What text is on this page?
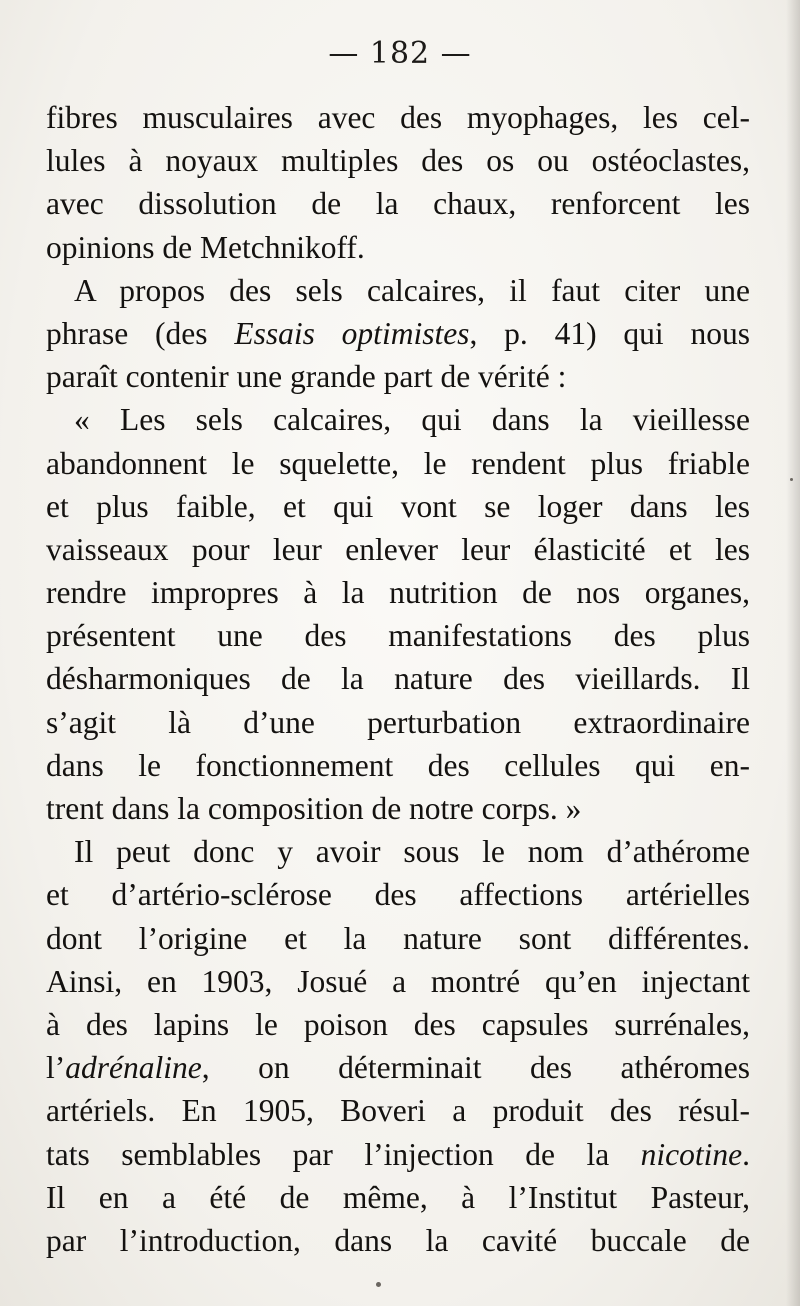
— 182 —
fibres musculaires avec des myophages, les cel-
lules à noyaux multiples des os ou ostéoclastes,
avec dissolution de la chaux, renforcent les
opinions de Metchnikoff.
A propos des sels calcaires, il faut citer une
phrase (des Essais optimistes, p. 41) qui nous
paraît contenir une grande part de vérité :
« Les sels calcaires, qui dans la vieillesse
abandonnent le squelette, le rendent plus friable
et plus faible, et qui vont se loger dans les
vaisseaux pour leur enlever leur élasticité et les
rendre impropres à la nutrition de nos organes,
présentent une des manifestations des plus
désharmoniques de la nature des vieillards. Il
s’agit là d’une perturbation extraordinaire
dans le fonctionnement des cellules qui en-
trent dans la composition de notre corps. »
Il peut donc y avoir sous le nom d’athérome
et d’artério-sclérose des affections artérielles
dont l’origine et la nature sont différentes.
Ainsi, en 1903, Josué a montré qu’en injectant
à des lapins le poison des capsules surrénales,
l’adrénaline, on déterminait des athéromes
artériels. En 1905, Boveri a produit des résul-
tats semblables par l’injection de la nicotine.
Il en a été de même, à l’Institut Pasteur,
par l’introduction, dans la cavité buccale de
